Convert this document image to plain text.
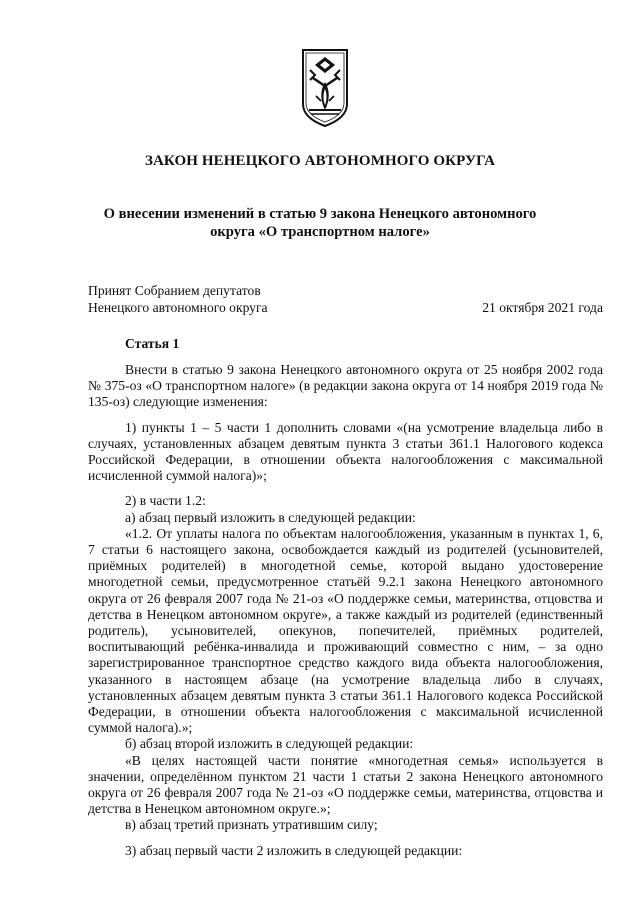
ЗАКОН НЕНЕЦКОГО АВТОНОМНОГО ОКРУГА
О внесении изменений в статью 9 закона Ненецкого автономного
округа «О транспортном налоге»
Принят Собранием депутатов
Ненецкого автономного округа	21 октября 2021 года
Статья 1

Внести в статью 9 закона Ненецкого автономного округа от 25 ноября 2002 года № 375-оз «О транспортном налоге» (в редакции закона округа от 14 ноября 2019 года № 135-оз) следующие изменения:

1) пункты 1 – 5 части 1 дополнить словами «(на усмотрение владельца либо в случаях, установленных абзацем девятым пункта 3 статьи 361.1 Налогового кодекса Российской Федерации, в отношении объекта налогообложения с максимальной исчисленной суммой налога)»;

2) в части 1.2:

а) абзац первый изложить в следующей редакции:

«1.2. От уплаты налога по объектам налогообложения, указанным в пунктах 1, 6, 7 статьи 6 настоящего закона, освобождается каждый из родителей (усыновителей, приёмных родителей) в многодетной семье, которой выдано удостоверение многодетной семьи, предусмотренное статьёй 9.2.1 закона Ненецкого автономного округа от 26 февраля 2007 года № 21-оз «О поддержке семьи, материнства, отцовства и детства в Ненецком автономном округе», а также каждый из родителей (единственный родитель), усыновителей, опекунов, попечителей, приёмных родителей, воспитывающий ребёнка-инвалида и проживающий совместно с ним, – за одно зарегистрированное транспортное средство каждого вида объекта налогообложения, указанного в настоящем абзаце (на усмотрение владельца либо в случаях, установленных абзацем девятым пункта 3 статьи 361.1 Налогового кодекса Российской Федерации, в отношении объекта налогообложения с максимальной исчисленной суммой налога).»;

б) абзац второй изложить в следующей редакции:

«В целях настоящей части понятие «многодетная семья» используется в значении, определённом пунктом 21 части 1 статьи 2 закона Ненецкого автономного округа от 26 февраля 2007 года № 21-оз «О поддержке семьи, материнства, отцовства и детства в Ненецком автономном округе.»;

в) абзац третий признать утратившим силу;

3) абзац первый части 2 изложить в следующей редакции:
